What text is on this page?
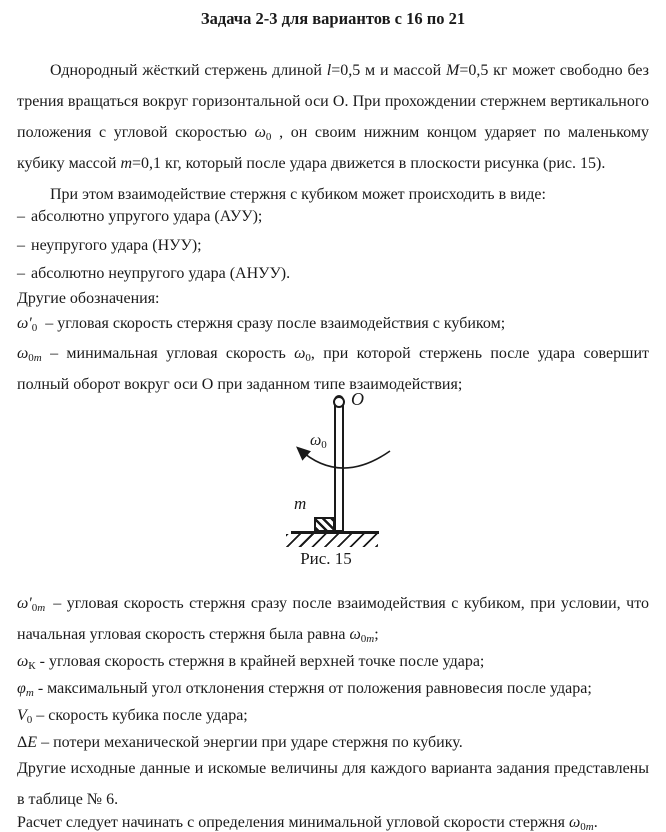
Задача 2-3 для вариантов с 16 по 21
Однородный жёсткий стержень длиной l=0,5 м и массой M=0,5 кг может свободно без трения вращаться вокруг горизонтальной оси О. При прохождении стержнем вертикального положения с угловой скоростью $\omega_0$ , он своим нижним концом ударяет по маленькому кубику массой m=0,1 кг, который после удара движется в плоскости рисунка (рис. 15).
При этом взаимодействие стержня с кубиком может происходить в виде:
– абсолютно упругого удара (АУУ);
– неупругого удара (НУУ);
– абсолютно неупругого удара (АНУУ).
Другие обозначения:
$\omega'_0$ – угловая скорость стержня сразу после взаимодействия с кубиком;
$\omega_{0m}$ – минимальная угловая скорость $\omega_0$, при которой стержень после удара совершит полный оборот вокруг оси О при заданном типе взаимодействия;
O
$\omega_0$
m
Рис. 15
$\omega'_{0m}$ – угловая скорость стержня сразу после взаимодействия с кубиком, при условии, что начальная угловая скорость стержня была равна $\omega_{0m}$;
$\omega_К$ - угловая скорость стержня в крайней верхней точке после удара;
$\varphi_m$ - максимальный угол отклонения стержня от положения равновесия после удара;
$V_0$ – скорость кубика после удара;
ΔE – потери механической энергии при ударе стержня по кубику.
Другие исходные данные и искомые величины для каждого варианта задания представлены в таблице № 6.
Расчет следует начинать с определения минимальной угловой скорости стержня $\omega_{0m}$.
